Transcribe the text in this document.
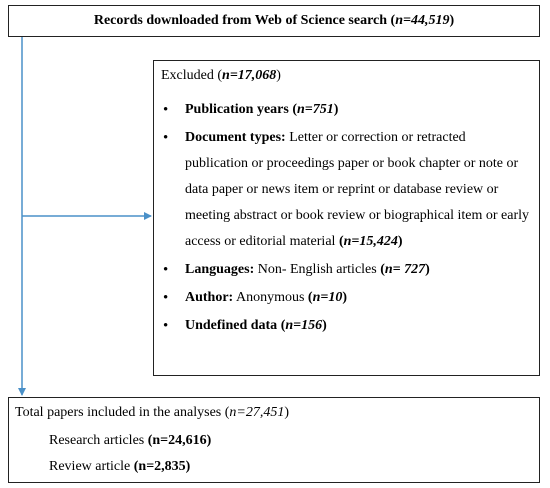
Records downloaded from Web of Science search (n=44,519)
Excluded (n=17,068)
• Publication years (n=751)
• Document types: Letter or correction or retracted publication or proceedings paper or book chapter or note or data paper or news item or reprint or database review or meeting abstract or book review or biographical item or early access or editorial material (n=15,424)
• Languages: Non- English articles (n= 727)
• Author: Anonymous (n=10)
• Undefined data (n=156)
Total papers included in the analyses (n=27,451)
Research articles (n=24,616)
Review article (n=2,835)
